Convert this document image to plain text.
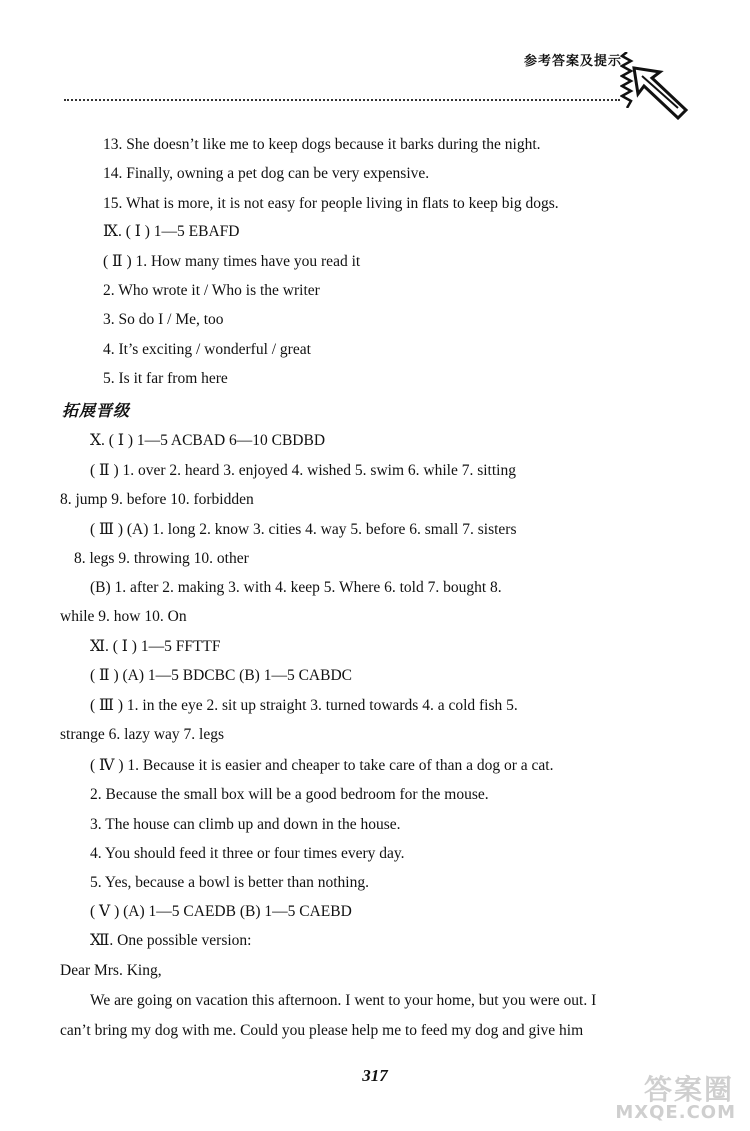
参考答案及提示
13. She doesn’t like me to keep dogs because it barks during the night.
14. Finally, owning a pet dog can be very expensive.
15. What is more, it is not easy for people living in flats to keep big dogs.
Ⅸ. ( Ⅰ ) 1—5 EBAFD
( Ⅱ ) 1. How many times have you read it
2. Who wrote it / Who is the writer
3. So do I / Me, too
4. It’s exciting / wonderful / great
5. Is it far from here
拓展晋级
Ⅹ. ( Ⅰ ) 1—5 ACBAD 6—10 CBDBD
( Ⅱ ) 1. over 2. heard 3. enjoyed 4. wished 5. swim 6. while 7. sitting
8. jump 9. before 10. forbidden
( Ⅲ ) (A) 1. long 2. know 3. cities 4. way 5. before 6. small 7. sisters
8. legs 9. throwing 10. other
(B) 1. after 2. making 3. with 4. keep 5. Where 6. told 7. bought 8.
while 9. how 10. On
Ⅺ. ( Ⅰ ) 1—5 FFTTF
( Ⅱ ) (A) 1—5 BDCBC (B) 1—5 CABDC
( Ⅲ ) 1. in the eye 2. sit up straight 3. turned towards 4. a cold fish 5.
strange 6. lazy way 7. legs
( Ⅳ ) 1. Because it is easier and cheaper to take care of than a dog or a cat.
2. Because the small box will be a good bedroom for the mouse.
3. The house can climb up and down in the house.
4. You should feed it three or four times every day.
5. Yes, because a bowl is better than nothing.
( Ⅴ ) (A) 1—5 CAEDB (B) 1—5 CAEBD
Ⅻ. One possible version:
Dear Mrs. King,
We are going on vacation this afternoon. I went to your home, but you were out. I
can’t bring my dog with me. Could you please help me to feed my dog and give him
317	答案圈
MXQE.COM
